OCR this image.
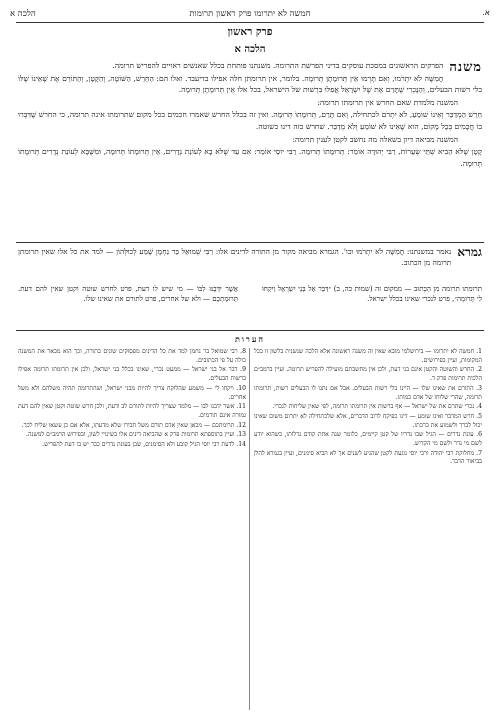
א.
חמשה לא יתרומו פרק ראשון תרומות
הלכה א
פרק ראשון
הלכה א
משנה

הפרקים הראשונים במסכת עוסקים בדיני הפרשת התרומה. משנתנו פותחת בכלל שאנשים ראויים להפריש תרומה.

חֲמִשָּׁה לֹא יִתְרֹמוּ, וְאִם תָּרְמוּ אֵין תְּרוּמָתָן תְּרוּמָה. בלומר, אין תרומתן חלה אפילו בדיעבד. ואלו הם: הַחֵרֵשׁ, הַשּׁוֹטֶה, וְהַקָּטָן, וְהַתּוֹרֵם אֶת שֶׁאֵינוֹ שֶׁלּוֹ בלי רשות הבעלים, וְהַנָּכְרִי שֶׁתָּרַם אֶת שֶׁל יִשְׂרָאֵל אֲפִלּוּ בִּרְשׁוּת של הישראל, בכל אלו אֵין תְּרוּמָתָן תְּרוּמָה.

המשנה מלמדת שאם החרש אין תרומתו תרומה:

חֵרֵשׁ הַמְדַבֵּר וְאֵינוֹ שׁוֹמֵעַ, לֹא יִתְרֹם לכתחילה, וְאִם תָּרַם, תְּרוּמָתוֹ תְּרוּמָה. ואין זה בכלל החרש שאמרו חכמים בכל מקום שתרומתו אינה תרומה, כי החרשׁ שֶׁדִּבְּרוּ בוֹ חֲכָמִים בְּכָל מָקוֹם, הוא שֶׁאֵינוֹ לֹא שׁוֹמֵעַ וְלֹא מְדַבֵּר. שחרש כזה דינו כשוטה.

המשנה מביאה דיון בשאלה מה נחשב לקטן לענין תרומה:

קָטָן שֶׁלֹּא הֵבִיא שְׁתֵּי שְׂעָרוֹת, רַבִּי יְהוּדָה אוֹמֵר: תְּרוּמָתוֹ תְּרוּמָה. רַבִּי יוֹסֵי אוֹמֵר: אִם עַד שֶׁלֹּא בָא לְעוֹנַת נְדָרִים, אֵין תְּרוּמָתוֹ תְּרוּמָה, וּמִשֶּׁבָּא לְעוֹנַת נְדָרִים תְּרוּמָתוֹ תְּרוּמָה.

גמרא
נאמר במשנתנו: חֲמִשָּׁה לֹא יִתְרֹמוּ וכו'. הגמרא מביאה מקור מן התורה לדינים אלו: רַבִּי שְׁמוּאֵל בַּר נַחְמָן שָׁמַע לְכוּלְּהוֹן — למד את כל אלו שאין תרומתן תרומה מן הכתוב.
תרומתו תרומה מִן הַכָּתוּב — ממקום זה (שמות כה, ב) ״דַּבֵּר אֶל בְּנֵי יִשְׂרָאֵל וְיִקְחוּ לִי תְּרוּמָה״, פרט לנכרי שאינו בכלל ישראל.
אֲשֶׁר יִדְּבֶנּוּ לִבּוֹ — מי שיש לו דעת, פרט לחרש שוטה וקטן שאין להם דעת. תְּרוּמַתְכֶם — ולא של אחרים, פרט לתורם את שאינו שלו.
הערות

1. חמשה לא יתרומו — בירושלמי מובא שאין זה משנה ראשונה אלא הלכה שנשנית בלשון זו בכל המקומות, ועיין בפירושים.

2. החרש והשוטה והקטן אינם בני דעת, ולכן אין מחשבתם מועילה להפריש תרומה. ועיין ברמב״ם הלכות תרומות פרק ד.

3. התורם את שאינו שלו — היינו בלי רשות הבעלים. אבל אם נתנו לו הבעלים רשות, תרומתו תרומה, שהרי שלוחו של אדם כמותו.

4. נכרי שתרם את של ישראל — אף ברשות אין תרומתו תרומה, לפי שאין שליחות לנכרי.

5. חרש המדבר ואינו שומע — דינו כפיקח לרוב הדברים, אלא שלכתחילה לא יתרום משום שאינו יכול לברך ולשמוע את ברכתו.

6. עונת נדרים — הגיל שבו נדריו של קטן קיימים, כלומר שנה אחת קודם גדלותו, כשהוא יודע לשם מי נדר ולשם מי הקדיש.

7. מחלוקת רבי יהודה ורבי יוסי נוגעת לקטן שהגיע לשנים אך לא הביא סימנים, ועיין בגמרא להלן בביאור הדבר.

8. רבי שמואל בר נחמן למד את כל הדינים מפסוקים שונים בתורה, וכך הוא מבאר את המשנה כולה על פי הכתובים.

9. דבר אל בני ישראל — ממעט נכרי, שאינו בכלל בני ישראל, ולכן אין תרומתו תרומה אפילו ברשות הבעלים.

10. ויקחו לי — משמע שהלוקח צריך להיות מבני ישראל, ושהתרומה תהיה משלהם ולא משל אחרים.

11. אשר ידבנו לבו — מלמד שצריך להיות לתורם לב ודעת, ולכן חרש שוטה וקטן שאין להם דעת גמורה אינם תורמים.

12. תרומתכם — מכאן שאין אדם תורם משל חבירו שלא מדעתו, אלא אם כן עשאו שליח לכך.

13. ועיין בתוספתא תרומות פרק א שהביאה דינים אלו בשינויי לשון, ובפירוש הרמב״ם למשנה.

14. לדעת רבי יוסי הגיל קובע ולא הסימנים, שכן בעונת נדרים כבר יש בו דעת להפריש.
